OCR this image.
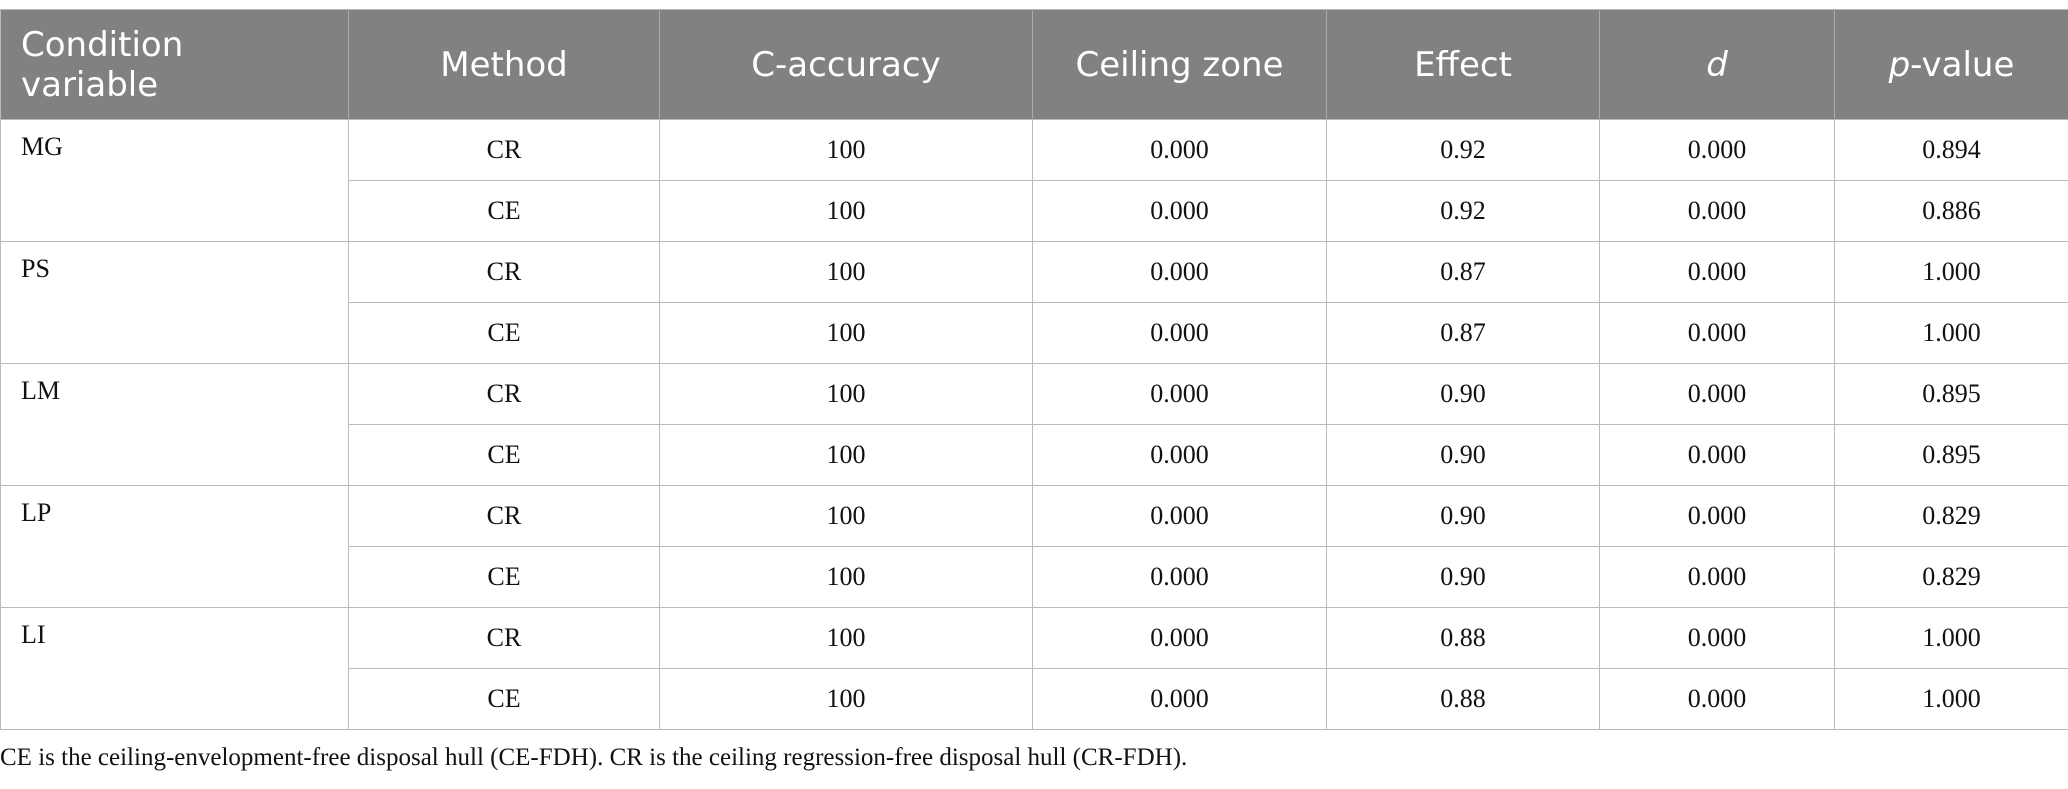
Condition variable	Method	C-accuracy	Ceiling zone	Effect	d	p-value
MG	CR	100	0.000	0.92	0.000	0.894
	CE	100	0.000	0.92	0.000	0.886
PS	CR	100	0.000	0.87	0.000	1.000
	CE	100	0.000	0.87	0.000	1.000
LM	CR	100	0.000	0.90	0.000	0.895
	CE	100	0.000	0.90	0.000	0.895
LP	CR	100	0.000	0.90	0.000	0.829
	CE	100	0.000	0.90	0.000	0.829
LI	CR	100	0.000	0.88	0.000	1.000
	CE	100	0.000	0.88	0.000	1.000
CE is the ceiling-envelopment-free disposal hull (CE-FDH). CR is the ceiling regression-free disposal hull (CR-FDH).
